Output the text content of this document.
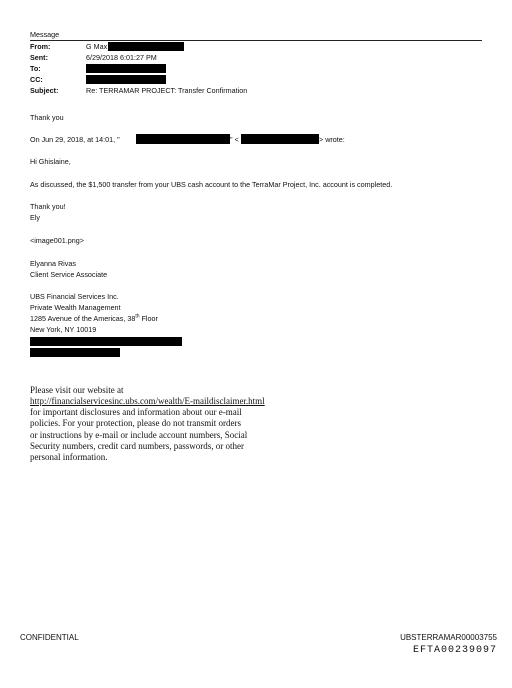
Message
From:	G Max
Sent:	6/29/2018 6:01:27 PM
To:
CC:
Subject:	Re: TERRAMAR PROJECT: Transfer Confirmation
Thank you
On Jun 29, 2018, at 14:01, "	" <	> wrote:
Hi Ghislaine,
As discussed, the $1,500 transfer from your UBS cash account to the TerraMar Project, Inc. account is completed.
Thank you!
Ely
<image001.png>
Elyanna Rivas
Client Service Associate
UBS Financial Services Inc.
Private Wealth Management
1285 Avenue of the Americas, 38th Floor
New York, NY 10019
Please visit our website at
http://financialservicesinc.ubs.com/wealth/E-maildisclaimer.html
for important disclosures and information about our e-mail
policies. For your protection, please do not transmit orders
or instructions by e-mail or include account numbers, Social
Security numbers, credit card numbers, passwords, or other
personal information.
CONFIDENTIAL	UBSTERRAMAR00003755
EFTA00239097
